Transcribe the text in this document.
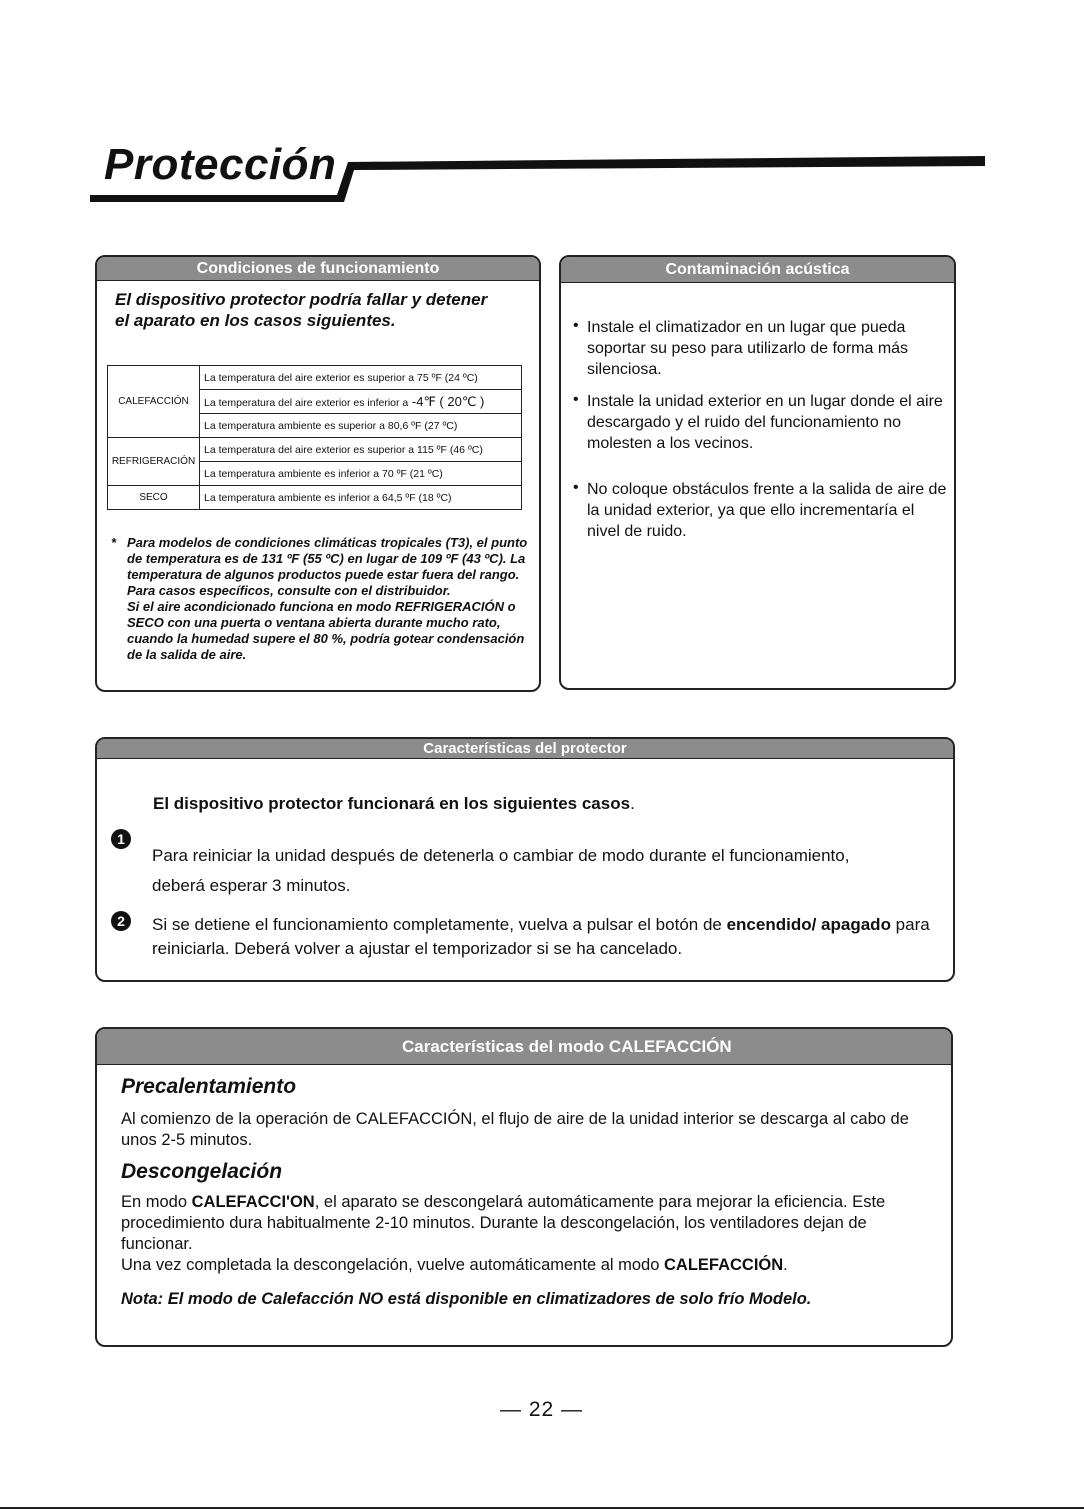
Protección
Condiciones de funcionamiento
El dispositivo protector podría fallar y detener el aparato en los casos siguientes.
CALEFACCIÓN	La temperatura del aire exterior es superior a 75 ºF (24 ºC)
	La temperatura del aire exterior es inferior a -4℉ ( 20℃ )
	La temperatura ambiente es superior a 80,6 ºF (27 ºC)
REFRIGERACIÓN	La temperatura del aire exterior es superior a 115 ºF (46 ºC)
	La temperatura ambiente es inferior a 70 ºF (21 ºC)
SECO	La temperatura ambiente es inferior a 64,5 ºF (18 ºC)
* Para modelos de condiciones climáticas tropicales (T3), el punto de temperatura es de 131 ºF (55 ºC) en lugar de 109 ºF (43 ºC). La temperatura de algunos productos puede estar fuera del rango. Para casos específicos, consulte con el distribuidor.
Si el aire acondicionado funciona en modo REFRIGERACIÓN o SECO con una puerta o ventana abierta durante mucho rato, cuando la humedad supere el 80 %, podría gotear condensación de la salida de aire.
Contaminación acústica
• Instale el climatizador en un lugar que pueda soportar su peso para utilizarlo de forma más silenciosa.
• Instale la unidad exterior en un lugar donde el aire descargado y el ruido del funcionamiento no molesten a los vecinos.
• No coloque obstáculos frente a la salida de aire de la unidad exterior, ya que ello incrementaría el nivel de ruido.
Características del protector
El dispositivo protector funcionará en los siguientes casos.
1
Para reiniciar la unidad después de detenerla o cambiar de modo durante el funcionamiento,
deberá esperar 3 minutos.
2	Si se detiene el funcionamiento completamente, vuelva a pulsar el botón de encendido/ apagado para reiniciarla. Deberá volver a ajustar el temporizador si se ha cancelado.
Características del modo CALEFACCIÓN
Precalentamiento
Al comienzo de la operación de CALEFACCIÓN, el flujo de aire de la unidad interior se descarga al cabo de unos 2-5 minutos.
Descongelación
En modo CALEFACCI'ON, el aparato se descongelará automáticamente para mejorar la eficiencia. Este procedimiento dura habitualmente 2-10 minutos. Durante la descongelación, los ventiladores dejan de funcionar.
Una vez completada la descongelación, vuelve automáticamente al modo CALEFACCIÓN.
Nota: El modo de Calefacción NO está disponible en climatizadores de solo frío Modelo.
— 22 —
